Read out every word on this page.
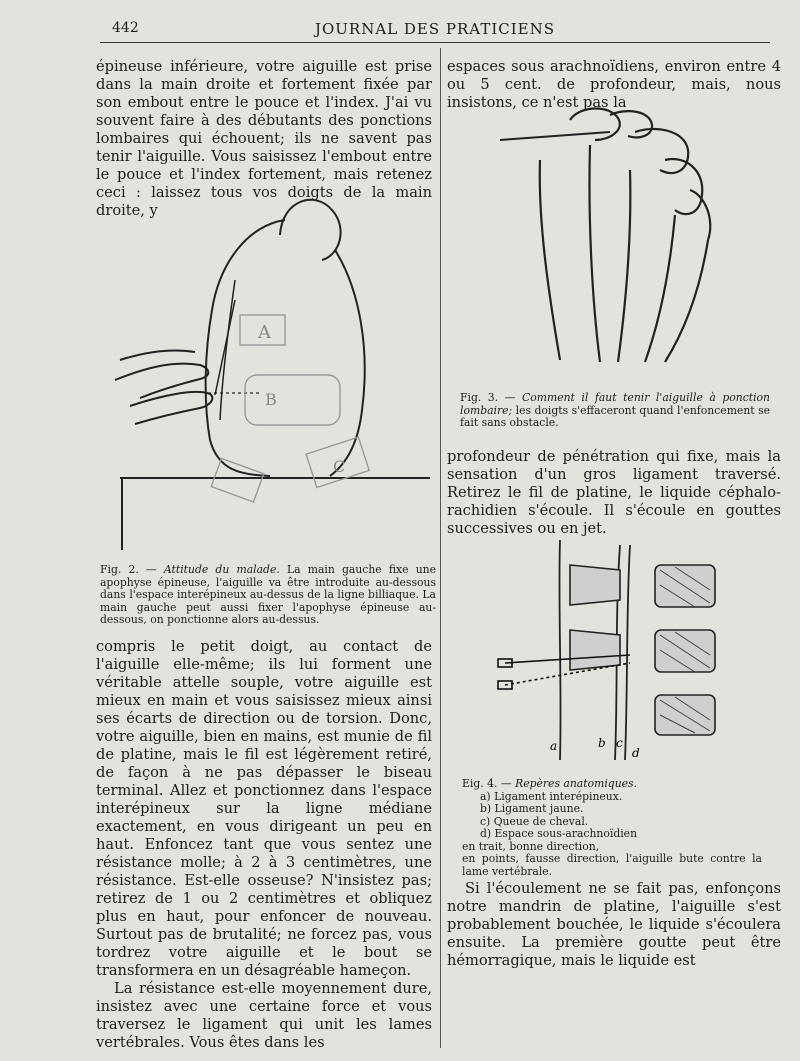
442	JOURNAL DES PRATICIENS

épineuse inférieure, votre aiguille est prise dans la main droite et fortement fixée par son embout entre le pouce et l'index. J'ai vu souvent faire à des débutants des ponctions lombaires qui échouent; ils ne savent pas tenir l'aiguille. Vous saisissez l'embout entre le pouce et l'index fortement, mais retenez ceci : laissez tous vos doigts de la main droite, y

A
B
C
Fig. 2. — Attitude du malade. La main gauche fixe une apophyse épineuse, l'aiguille va être introduite au-dessous dans l'espace interépineux au-dessus de la ligne billiaque. La main gauche peut aussi fixer l'apophyse épineuse au-dessous, on ponctionne alors au-dessus.

compris le petit doigt, au contact de l'aiguille elle-même; ils lui forment une véritable attelle souple, votre aiguille est mieux en main et vous saisissez mieux ainsi ses écarts de direction ou de torsion. Donc, votre aiguille, bien en mains, est munie de fil de platine, mais le fil est légèrement retiré, de façon à ne pas dépasser le biseau terminal. Allez et ponctionnez dans l'espace interépineux sur la ligne médiane exactement, en vous dirigeant un peu en haut. Enfoncez tant que vous sentez une résistance molle; à 2 à 3 centimètres, une résistance. Est-elle osseuse? N'insistez pas; retirez de 1 ou 2 centimètres et obliquez plus en haut, pour enfoncer de nouveau. Surtout pas de brutalité; ne forcez pas, vous tordrez votre aiguille et le bout se transformera en un désagréable hameçon.

La résistance est-elle moyennement dure, insistez avec une certaine force et vous traversez le ligament qui unit les lames vertébrales. Vous êtes dans les

espaces sous arachnoïdiens, environ entre 4 ou 5 cent. de profondeur, mais, nous insistons, ce n'est pas la

Fig. 3. — Comment il faut tenir l'aiguille à ponction lombaire; les doigts s'effaceront quand l'enfoncement se fait sans obstacle.

profondeur de pénétration qui fixe, mais la sensation d'un gros ligament traversé. Retirez le fil de platine, le liquide céphalo-rachidien s'écoule. Il s'écoule en gouttes successives ou en jet.

a	b c
d
Eig. 4. — Repères anatomiques.
a) Ligament interépineux.
b) Ligament jaune.
c) Queue de cheval.
d) Espace sous-arachnoïdien
en trait, bonne direction,
en points, fausse direction, l'aiguille bute contre la lame vertébrale.

Si l'écoulement ne se fait pas, enfonçons notre mandrin de platine, l'aiguille s'est probablement bouchée, le liquide s'écoulera ensuite. La première goutte peut être hémorragique, mais le liquide est
